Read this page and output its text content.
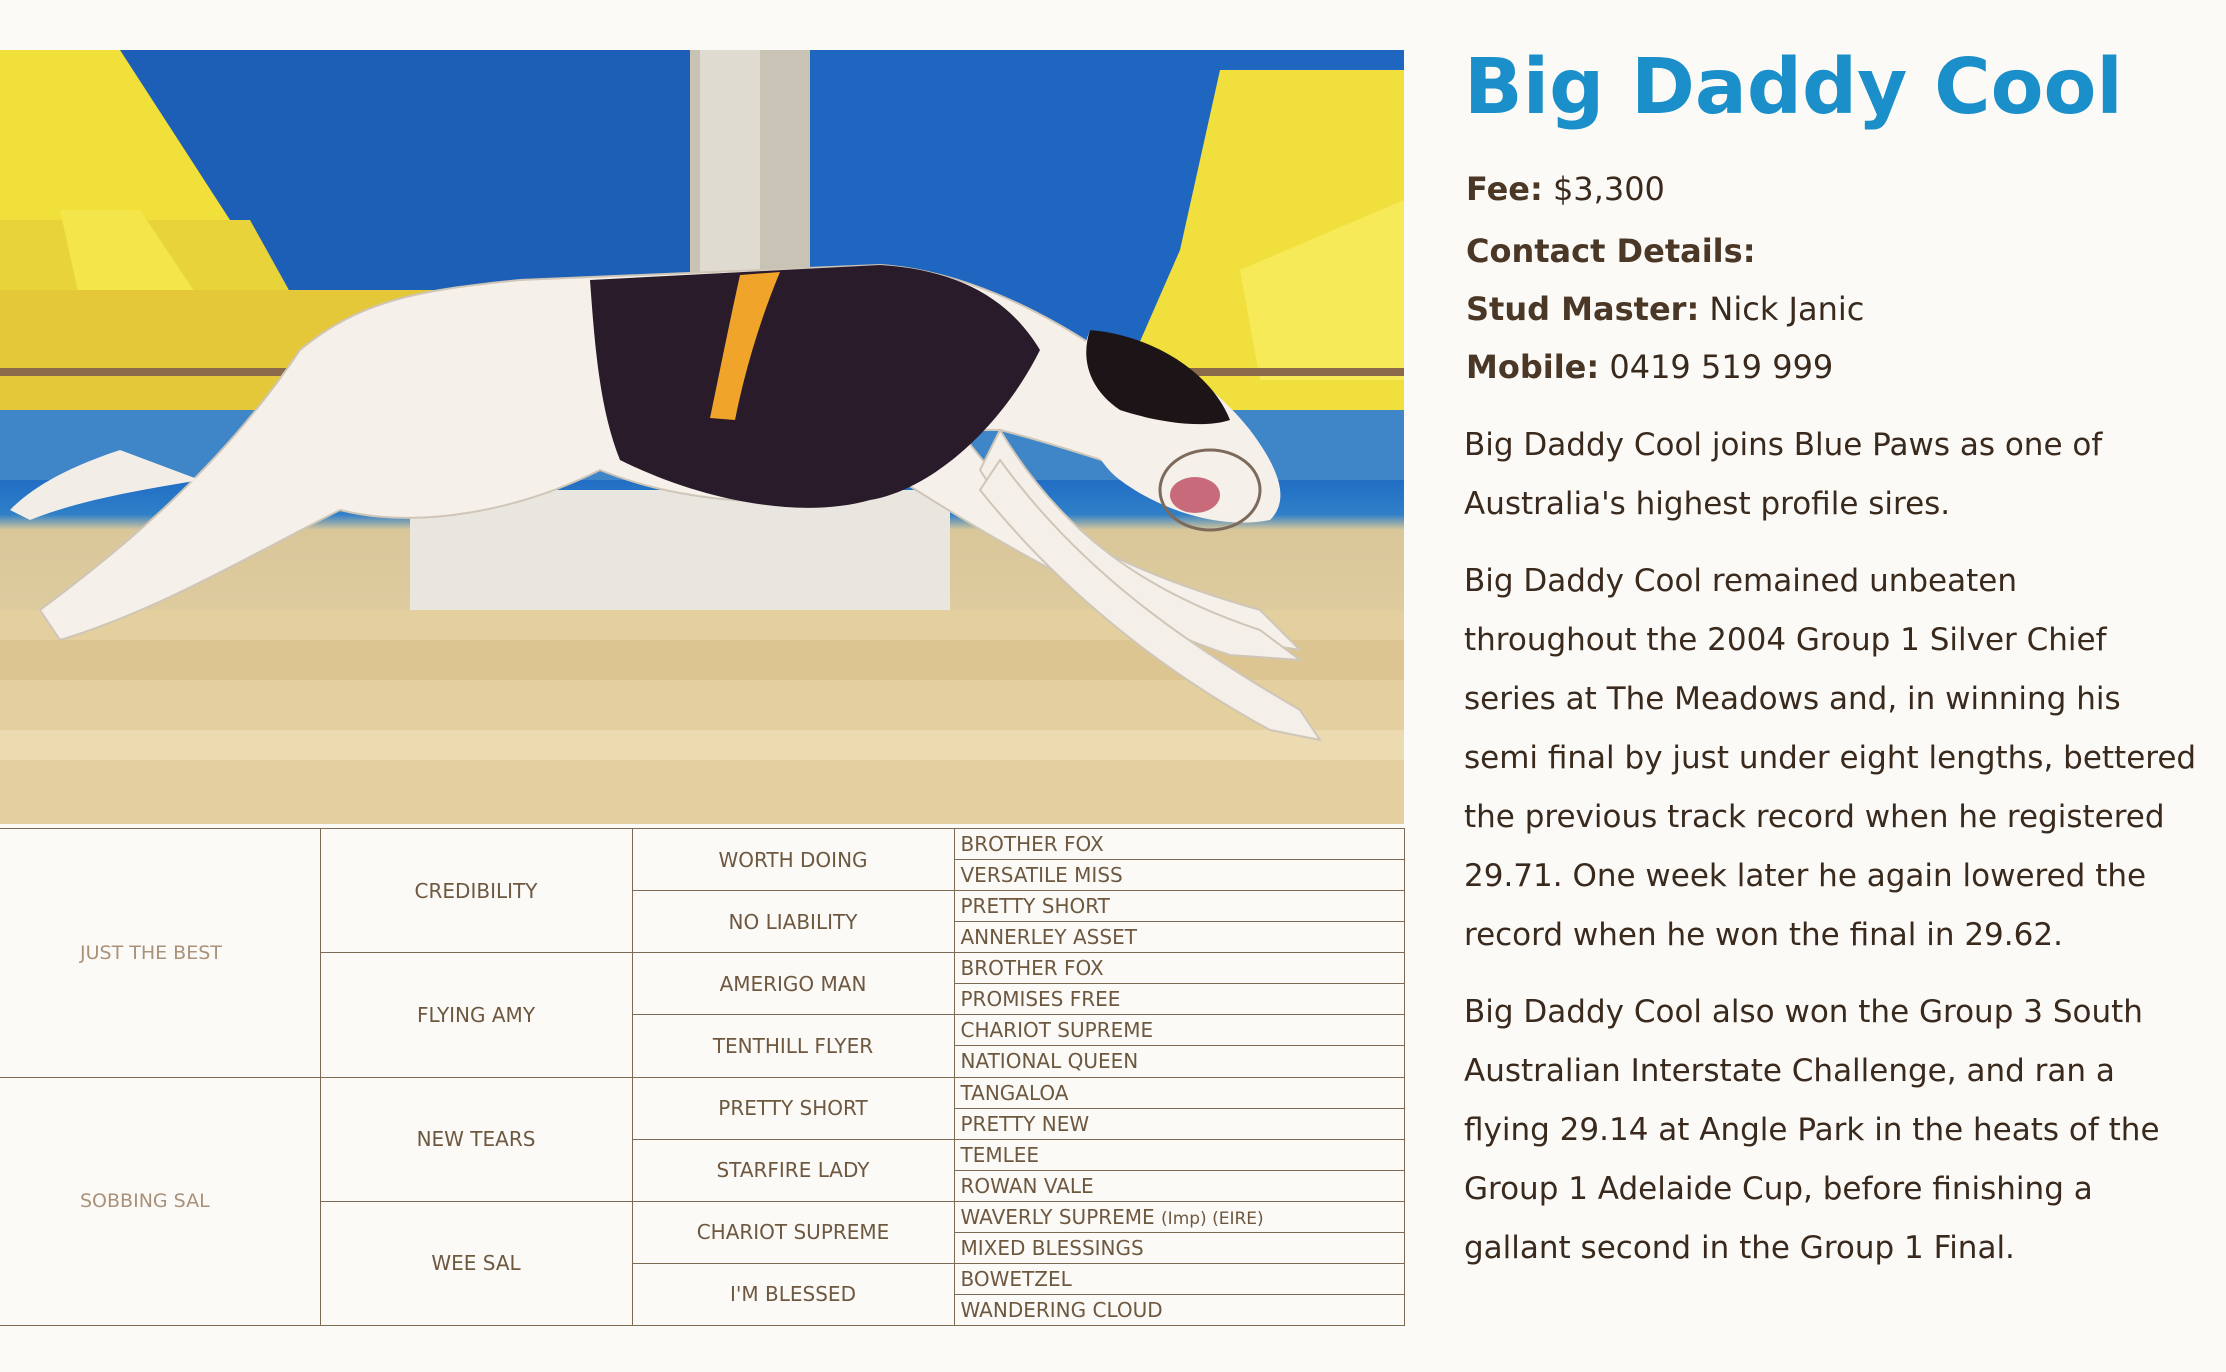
JUST THE BEST	CREDIBILITY	WORTH DOING	BROTHER FOX
			VERSATILE MISS
		NO LIABILITY	PRETTY SHORT
			ANNERLEY ASSET
	FLYING AMY	AMERIGO MAN	BROTHER FOX
			PROMISES FREE
		TENTHILL FLYER	CHARIOT SUPREME
			NATIONAL QUEEN
SOBBING SAL	NEW TEARS	PRETTY SHORT	TANGALOA
			PRETTY NEW
		STARFIRE LADY	TEMLEE
			ROWAN VALE
	WEE SAL	CHARIOT SUPREME	WAVERLY SUPREME (Imp) (EIRE)
			MIXED BLESSINGS
		I'M BLESSED	BOWETZEL
			WANDERING CLOUD
Big Daddy Cool
Fee: $3,300
Contact Details:
Stud Master: Nick Janic
Mobile: 0419 519 999

Big Daddy Cool joins Blue Paws as one of Australia's highest profile sires.

Big Daddy Cool remained unbeaten throughout the 2004 Group 1 Silver Chief series at The Meadows and, in winning his semi final by just under eight lengths, bettered the previous track record when he registered 29.71. One week later he again lowered the record when he won the final in 29.62.

Big Daddy Cool also won the Group 3 South Australian Interstate Challenge, and ran a flying 29.14 at Angle Park in the heats of the Group 1 Adelaide Cup, before finishing a gallant second in the Group 1 Final.
